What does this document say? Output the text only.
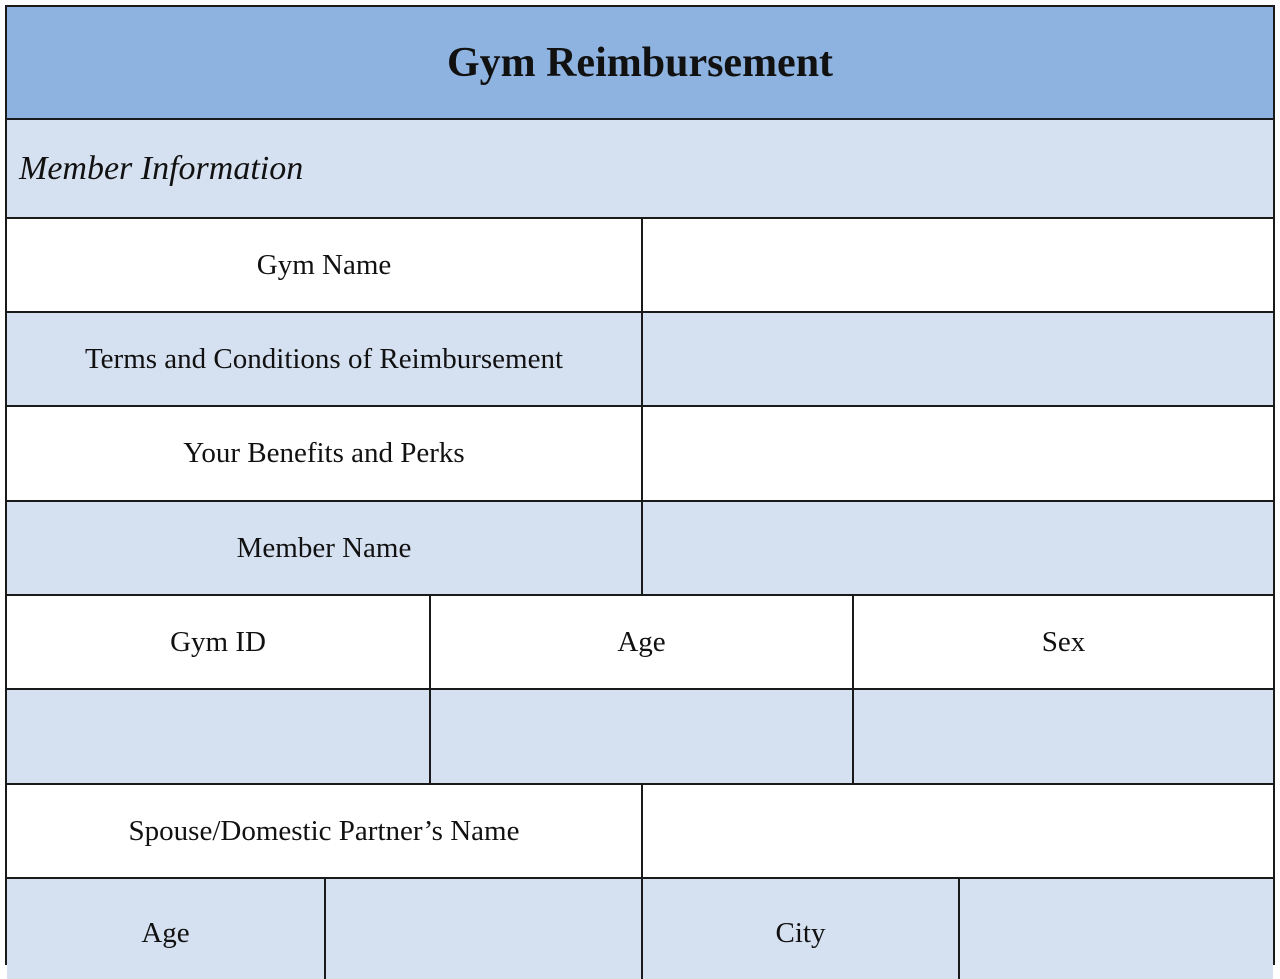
Gym Reimbursement
Member Information
Gym Name
Terms and Conditions of Reimbursement
Your Benefits and Perks
Member Name
Gym ID	Age	Sex
Spouse/Domestic Partner’s Name
Age	City
